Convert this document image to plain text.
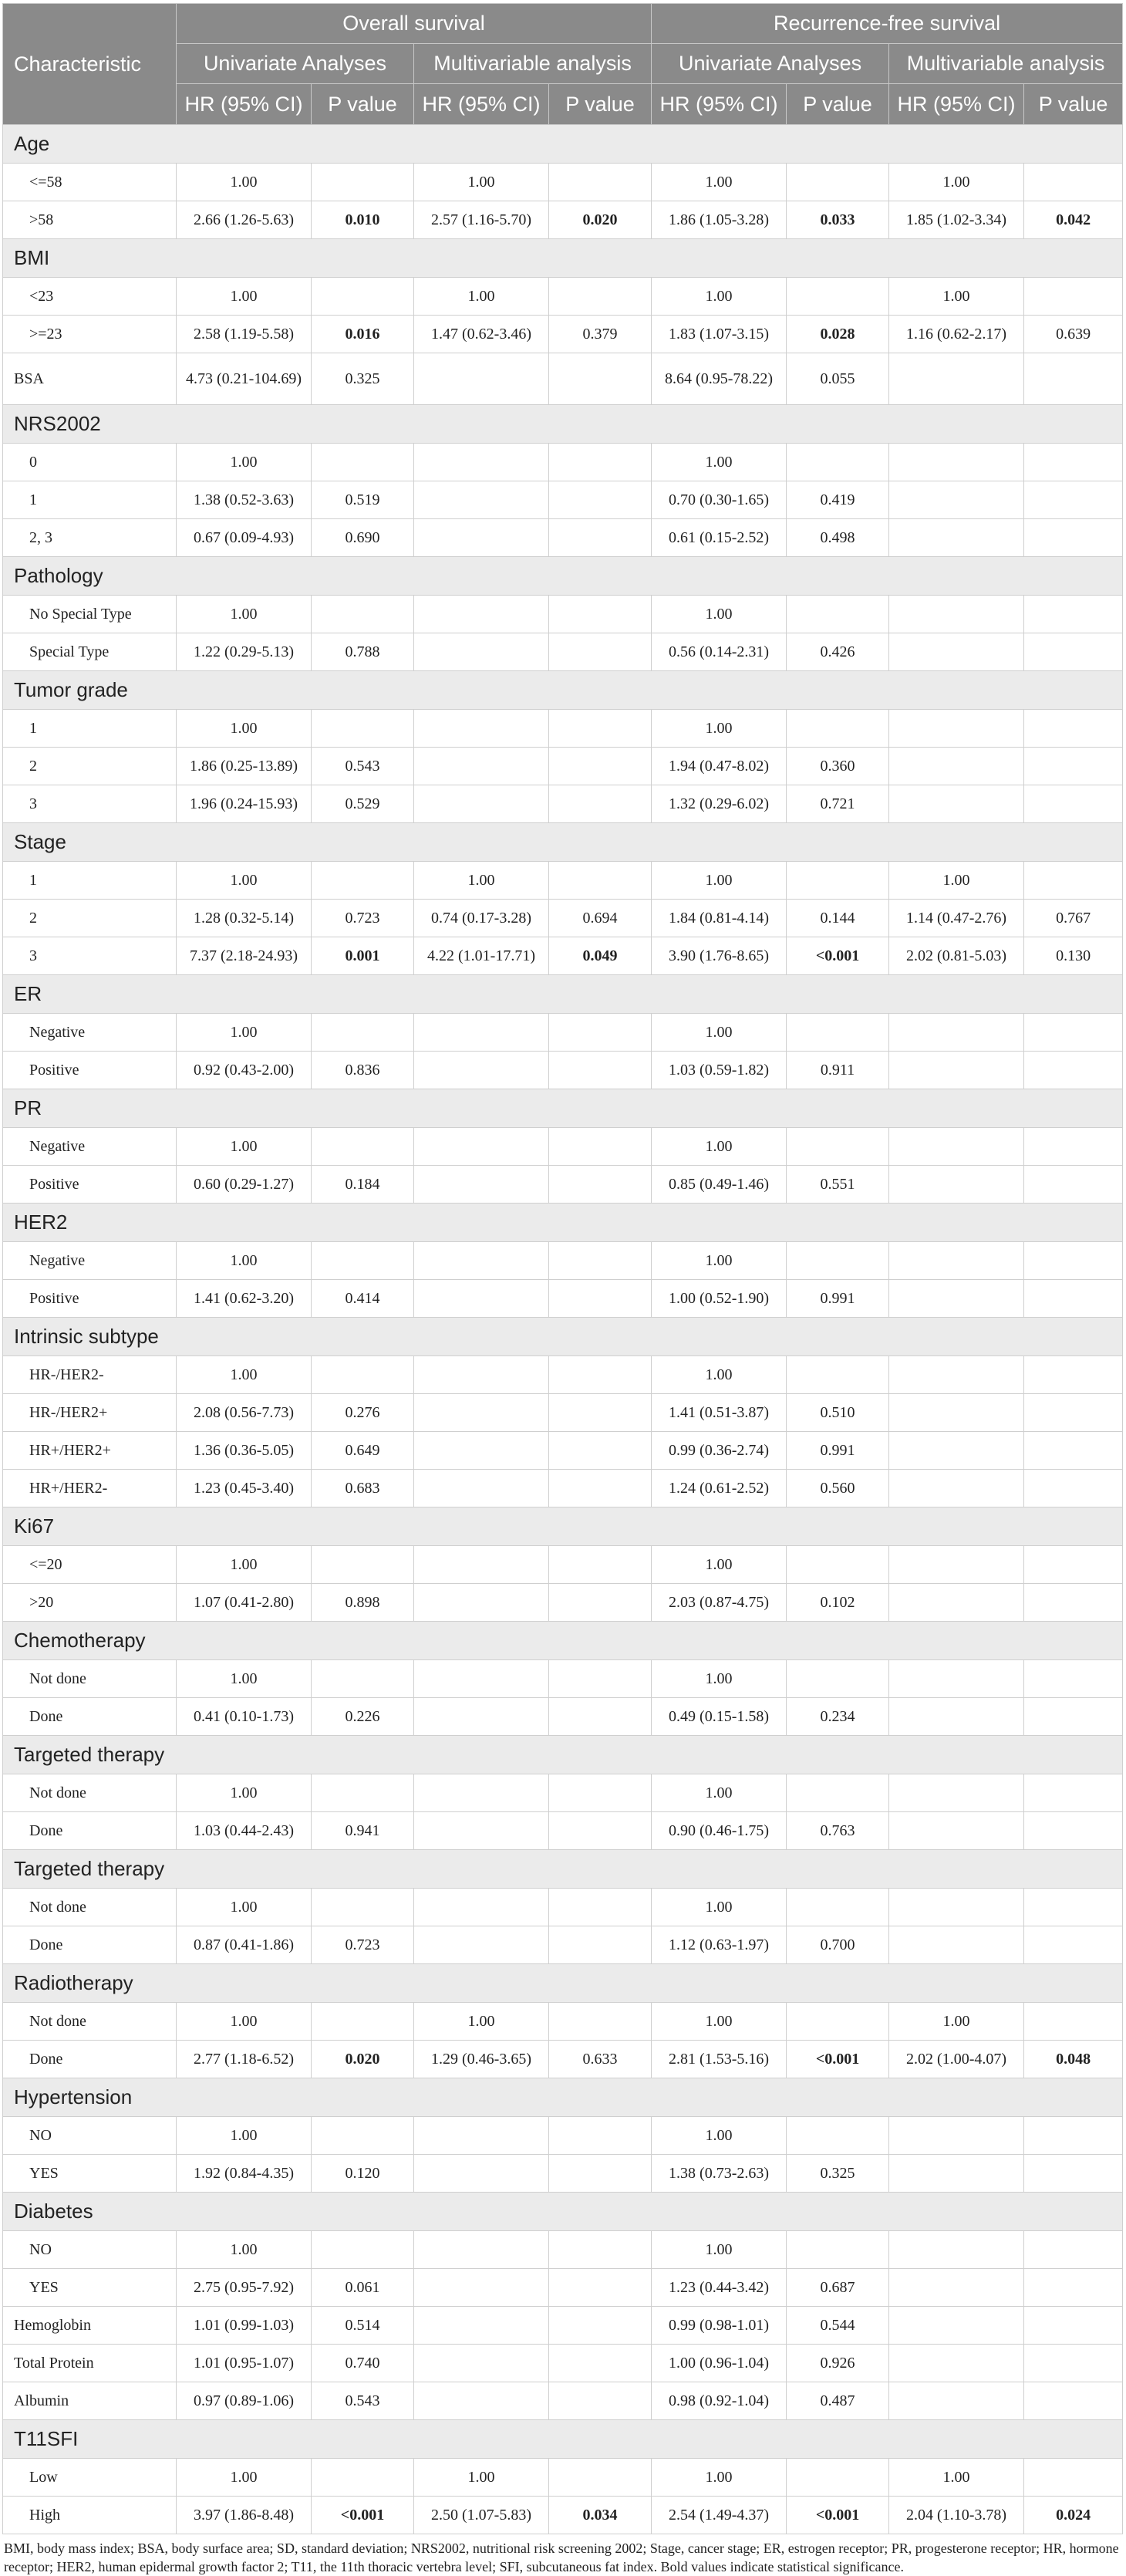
Characteristic	Overall survival				Recurrence-free survival			
	Univariate Analyses		Multivariable analysis		Univariate Analyses		Multivariable analysis	
	HR (95% CI)	P value	HR (95% CI)	P value	HR (95% CI)	P value	HR (95% CI)	P value
Age								
<=58	1.00		1.00		1.00		1.00	
>58	2.66 (1.26-5.63)	0.010	2.57 (1.16-5.70)	0.020	1.86 (1.05-3.28)	0.033	1.85 (1.02-3.34)	0.042
BMI								
<23	1.00		1.00		1.00		1.00	
>=23	2.58 (1.19-5.58)	0.016	1.47 (0.62-3.46)	0.379	1.83 (1.07-3.15)	0.028	1.16 (0.62-2.17)	0.639
BSA	4.73 (0.21-104.69)	0.325			8.64 (0.95-78.22)	0.055		
NRS2002								
0	1.00				1.00			
1	1.38 (0.52-3.63)	0.519			0.70 (0.30-1.65)	0.419		
2, 3	0.67 (0.09-4.93)	0.690			0.61 (0.15-2.52)	0.498		
Pathology								
No Special Type	1.00				1.00			
Special Type	1.22 (0.29-5.13)	0.788			0.56 (0.14-2.31)	0.426		
Tumor grade								
1	1.00				1.00			
2	1.86 (0.25-13.89)	0.543			1.94 (0.47-8.02)	0.360		
3	1.96 (0.24-15.93)	0.529			1.32 (0.29-6.02)	0.721		
Stage								
1	1.00		1.00		1.00		1.00	
2	1.28 (0.32-5.14)	0.723	0.74 (0.17-3.28)	0.694	1.84 (0.81-4.14)	0.144	1.14 (0.47-2.76)	0.767
3	7.37 (2.18-24.93)	0.001	4.22 (1.01-17.71)	0.049	3.90 (1.76-8.65)	<0.001	2.02 (0.81-5.03)	0.130
ER								
Negative	1.00				1.00			
Positive	0.92 (0.43-2.00)	0.836			1.03 (0.59-1.82)	0.911		
PR								
Negative	1.00				1.00			
Positive	0.60 (0.29-1.27)	0.184			0.85 (0.49-1.46)	0.551		
HER2								
Negative	1.00				1.00			
Positive	1.41 (0.62-3.20)	0.414			1.00 (0.52-1.90)	0.991		
Intrinsic subtype								
HR-/HER2-	1.00				1.00			
HR-/HER2+	2.08 (0.56-7.73)	0.276			1.41 (0.51-3.87)	0.510		
HR+/HER2+	1.36 (0.36-5.05)	0.649			0.99 (0.36-2.74)	0.991		
HR+/HER2-	1.23 (0.45-3.40)	0.683			1.24 (0.61-2.52)	0.560		
Ki67								
<=20	1.00				1.00			
>20	1.07 (0.41-2.80)	0.898			2.03 (0.87-4.75)	0.102		
Chemotherapy								
Not done	1.00				1.00			
Done	0.41 (0.10-1.73)	0.226			0.49 (0.15-1.58)	0.234		
Targeted therapy								
Not done	1.00				1.00			
Done	1.03 (0.44-2.43)	0.941			0.90 (0.46-1.75)	0.763		
Targeted therapy								
Not done	1.00				1.00			
Done	0.87 (0.41-1.86)	0.723			1.12 (0.63-1.97)	0.700		
Radiotherapy								
Not done	1.00		1.00		1.00		1.00	
Done	2.77 (1.18-6.52)	0.020	1.29 (0.46-3.65)	0.633	2.81 (1.53-5.16)	<0.001	2.02 (1.00-4.07)	0.048
Hypertension								
NO	1.00				1.00			
YES	1.92 (0.84-4.35)	0.120			1.38 (0.73-2.63)	0.325		
Diabetes								
NO	1.00				1.00			
YES	2.75 (0.95-7.92)	0.061			1.23 (0.44-3.42)	0.687		
Hemoglobin	1.01 (0.99-1.03)	0.514			0.99 (0.98-1.01)	0.544		
Total Protein	1.01 (0.95-1.07)	0.740			1.00 (0.96-1.04)	0.926		
Albumin	0.97 (0.89-1.06)	0.543			0.98 (0.92-1.04)	0.487		
T11SFI								
Low	1.00		1.00		1.00		1.00	
High	3.97 (1.86-8.48)	<0.001	2.50 (1.07-5.83)	0.034	2.54 (1.49-4.37)	<0.001	2.04 (1.10-3.78)	0.024
BMI, body mass index; BSA, body surface area; SD, standard deviation; NRS2002, nutritional risk screening 2002; Stage, cancer stage; ER, estrogen receptor; PR, progesterone receptor; HR, hormone receptor; HER2, human epidermal growth factor 2; T11, the 11th thoracic vertebra level; SFI, subcutaneous fat index. Bold values indicate statistical significance.
